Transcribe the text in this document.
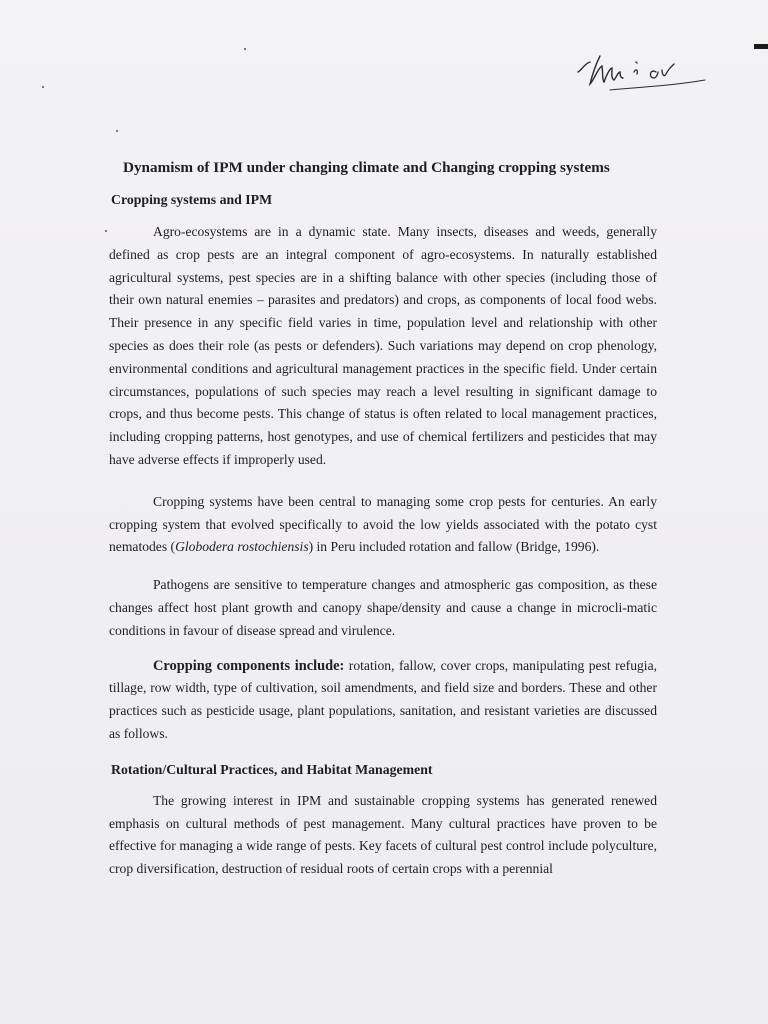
Dynamism of IPM under changing climate and Changing cropping systems
Cropping systems and IPM

Agro-ecosystems are in a dynamic state. Many insects, diseases and weeds, generally defined as crop pests are an integral component of agro-ecosystems. In naturally established agricultural systems, pest species are in a shifting balance with other species (including those of their own natural enemies – parasites and predators) and crops, as components of local food webs. Their presence in any specific field varies in time, population level and relationship with other species as does their role (as pests or defenders). Such variations may depend on crop phenology, environmental conditions and agricultural management practices in the specific field. Under certain circumstances, populations of such species may reach a level resulting in significant damage to crops, and thus become pests. This change of status is often related to local management practices, including cropping patterns, host genotypes, and use of chemical fertilizers and pesticides that may have adverse effects if improperly used.

Cropping systems have been central to managing some crop pests for centuries. An early cropping system that evolved specifically to avoid the low yields associated with the potato cyst nematodes (Globodera rostochiensis) in Peru included rotation and fallow (Bridge, 1996).

Pathogens are sensitive to temperature changes and atmospheric gas composition, as these changes affect host plant growth and canopy shape/density and cause a change in microcli-matic conditions in favour of disease spread and virulence.

Cropping components include: rotation, fallow, cover crops, manipulating pest refugia, tillage, row width, type of cultivation, soil amendments, and field size and borders. These and other practices such as pesticide usage, plant populations, sanitation, and resistant varieties are discussed as follows.

Rotation/Cultural Practices, and Habitat Management

The growing interest in IPM and sustainable cropping systems has generated renewed emphasis on cultural methods of pest management. Many cultural practices have proven to be effective for managing a wide range of pests. Key facets of cultural pest control include polyculture, crop diversification, destruction of residual roots of certain crops with a perennial
